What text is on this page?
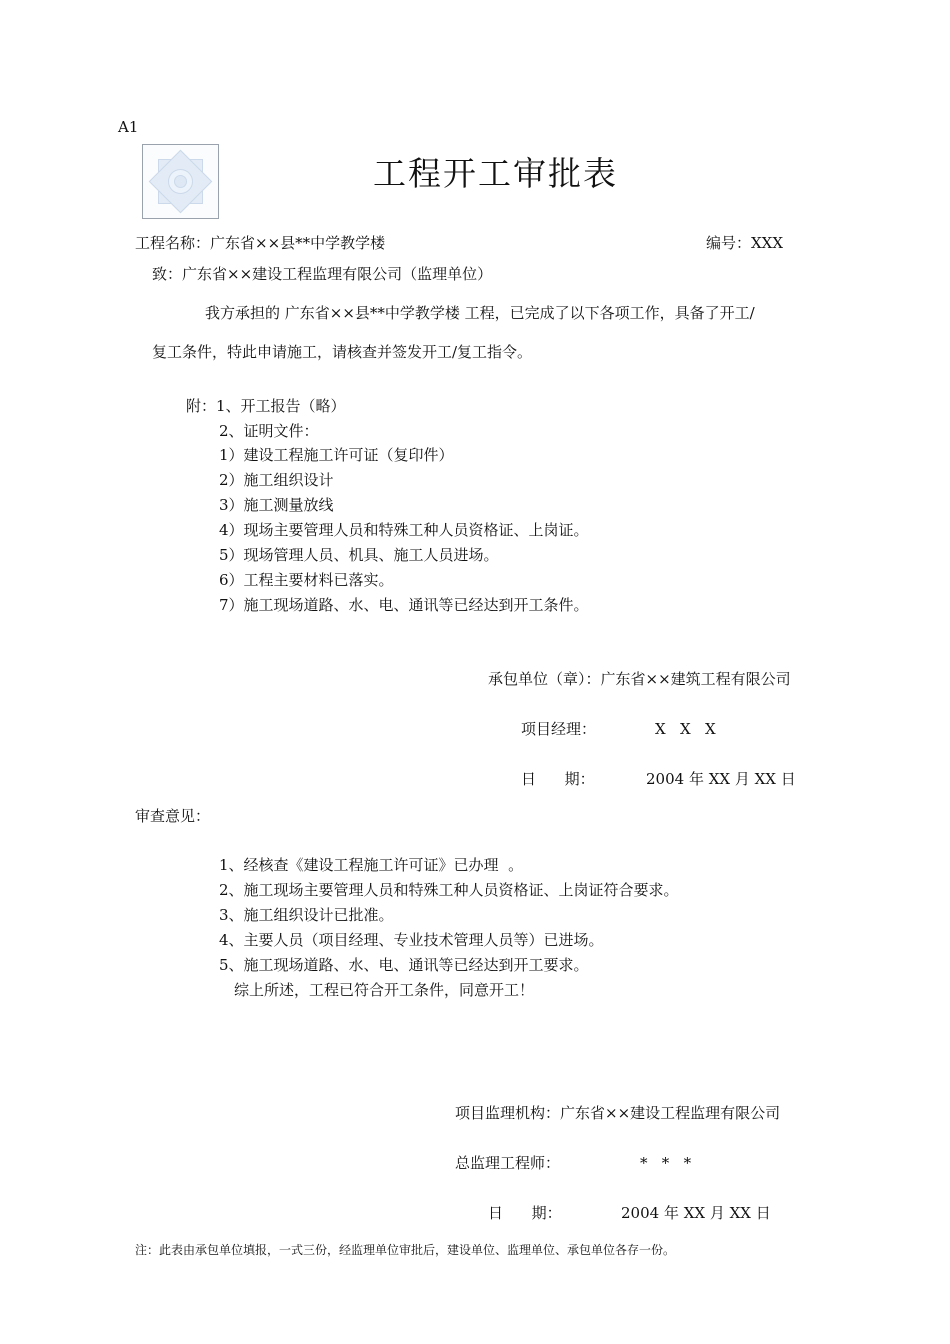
A1
工程开工审批表
工程名称：广东省××县**中学教学楼	编号：XXX
致：广东省××建设工程监理有限公司（监理单位）
我方承担的 广东省××县**中学教学楼 工程，已完成了以下各项工作，具备了开工/
复工条件，特此申请施工，请核查并签发开工/复工指令。
附：1、开工报告（略）
2、证明文件：
1）建设工程施工许可证（复印件）
2）施工组织设计
3）施工测量放线
4）现场主要管理人员和特殊工种人员资格证、上岗证。
5）现场管理人员、机具、施工人员进场。
6）工程主要材料已落实。
7）施工现场道路、水、电、通讯等已经达到开工条件。
承包单位（章）：广东省××建筑工程有限公司
项目经理：	X   X   X
日      期：	2004 年 XX 月 XX 日
审查意见：
1、经核查《建设工程施工许可证》已办理  。
2、施工现场主要管理人员和特殊工种人员资格证、上岗证符合要求。
3、施工组织设计已批准。
4、主要人员（项目经理、专业技术管理人员等）已进场。
5、施工现场道路、水、电、通讯等已经达到开工要求。
综上所述，工程已符合开工条件，同意开工！
项目监理机构：广东省××建设工程监理有限公司
总监理工程师：	*   *   *
日      期：	2004 年 XX 月 XX 日
注：此表由承包单位填报，一式三份，经监理单位审批后，建设单位、监理单位、承包单位各存一份。
